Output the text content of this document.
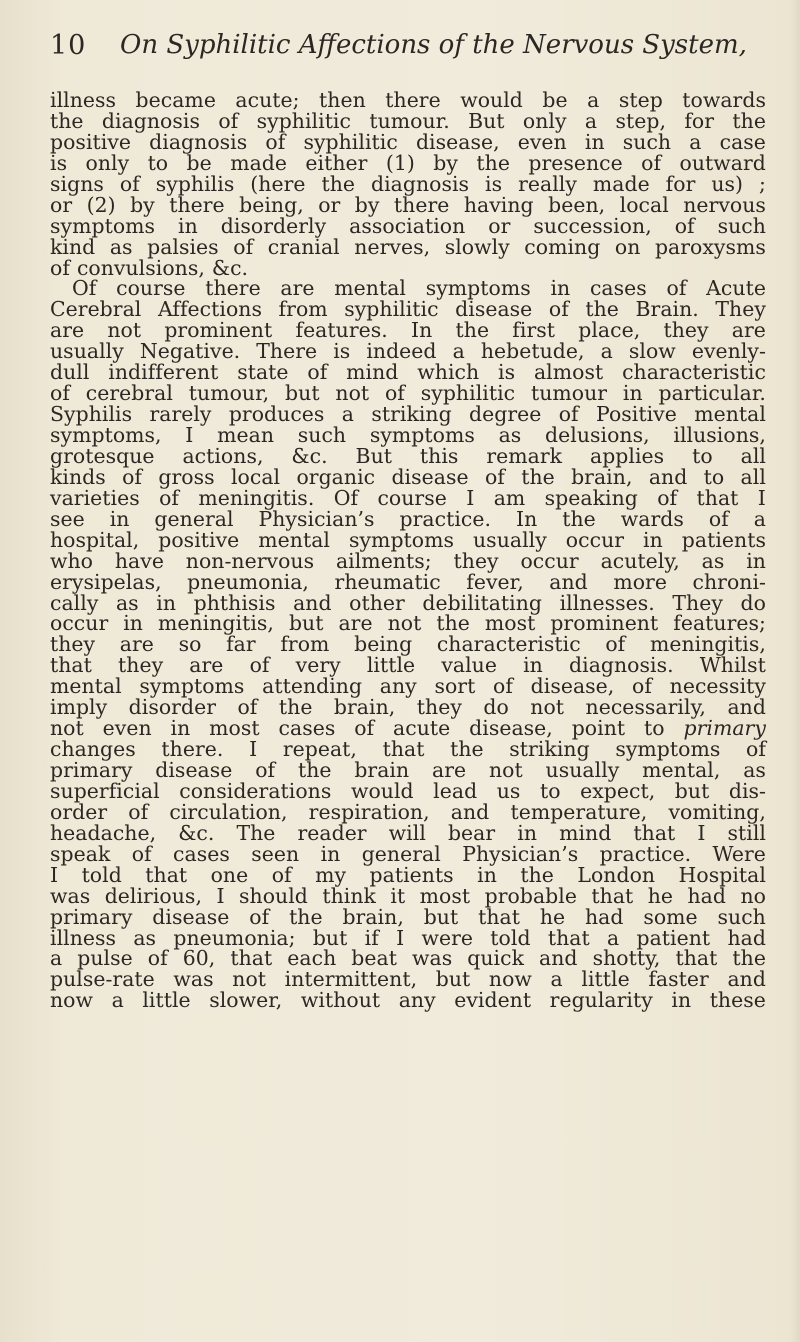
10 On Syphilitic Affections of the Nervous System,
illness became acute; then there would be a step towards
the diagnosis of syphilitic tumour. But only a step, for the
positive diagnosis of syphilitic disease, even in such a case
is only to be made either (1) by the presence of outward
signs of syphilis (here the diagnosis is really made for us) ;
or (2) by there being, or by there having been, local nervous
symptoms in disorderly association or succession, of such
kind as palsies of cranial nerves, slowly coming on paroxysms
of convulsions, &c.
Of course there are mental symptoms in cases of Acute
Cerebral Affections from syphilitic disease of the Brain. They
are not prominent features. In the first place, they are
usually Negative. There is indeed a hebetude, a slow evenly-
dull indifferent state of mind which is almost characteristic
of cerebral tumour, but not of syphilitic tumour in particular.
Syphilis rarely produces a striking degree of Positive mental
symptoms, I mean such symptoms as delusions, illusions,
grotesque actions, &c. But this remark applies to all
kinds of gross local organic disease of the brain, and to all
varieties of meningitis. Of course I am speaking of that I
see in general Physician’s practice. In the wards of a
hospital, positive mental symptoms usually occur in patients
who have non-nervous ailments; they occur acutely, as in
erysipelas, pneumonia, rheumatic fever, and more chroni-
cally as in phthisis and other debilitating illnesses. They do
occur in meningitis, but are not the most prominent features;
they are so far from being characteristic of meningitis,
that they are of very little value in diagnosis. Whilst
mental symptoms attending any sort of disease, of necessity
imply disorder of the brain, they do not necessarily, and
not even in most cases of acute disease, point to primary
changes there. I repeat, that the striking symptoms of
primary disease of the brain are not usually mental, as
superficial considerations would lead us to expect, but dis-
order of circulation, respiration, and temperature, vomiting,
headache, &c. The reader will bear in mind that I still
speak of cases seen in general Physician’s practice. Were
I told that one of my patients in the London Hospital
was delirious, I should think it most probable that he had no
primary disease of the brain, but that he had some such
illness as pneumonia; but if I were told that a patient had
a pulse of 60, that each beat was quick and shotty, that the
pulse-rate was not intermittent, but now a little faster and
now a little slower, without any evident regularity in these
